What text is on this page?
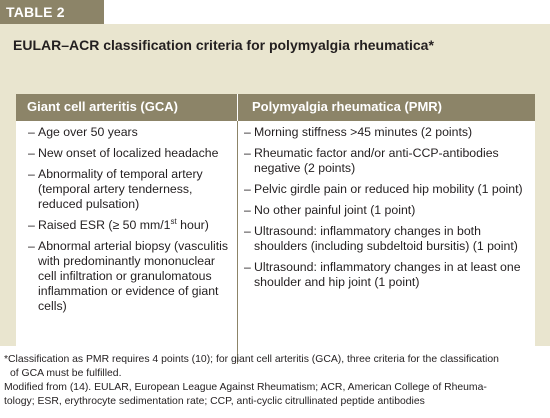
TABLE 2
EULAR–ACR classification criteria for polymyalgia rheumatica*
Giant cell arteritis (GCA)	Polymyalgia rheumatica (PMR)
– Age over 50 years
– New onset of localized headache
– Abnormality of temporal artery (temporal artery tenderness, reduced pulsation)
– Raised ESR (≥ 50 mm/1st hour)
– Abnormal arterial biopsy (vasculitis with predominantly mononuclear cell infiltration or granulomatous inflammation or evidence of giant cells)
– Morning stiffness >45 minutes (2 points)
– Rheumatic factor and/or anti-CCP-antibodies negative (2 points)
– Pelvic girdle pain or reduced hip mobility (1 point)
– No other painful joint (1 point)
– Ultrasound: inflammatory changes in both shoulders (including subdeltoid bursitis) (1 point)
– Ultrasound: inflammatory changes in at least one shoulder and hip joint (1 point)

*Classification as PMR requires 4 points (10); for giant cell arteritis (GCA), three criteria for the classification

of GCA must be fulfilled.

Modified from (14). EULAR, European League Against Rheumatism; ACR, American College of Rheuma-

tology; ESR, erythrocyte sedimentation rate; CCP, anti-cyclic citrullinated peptide antibodies
